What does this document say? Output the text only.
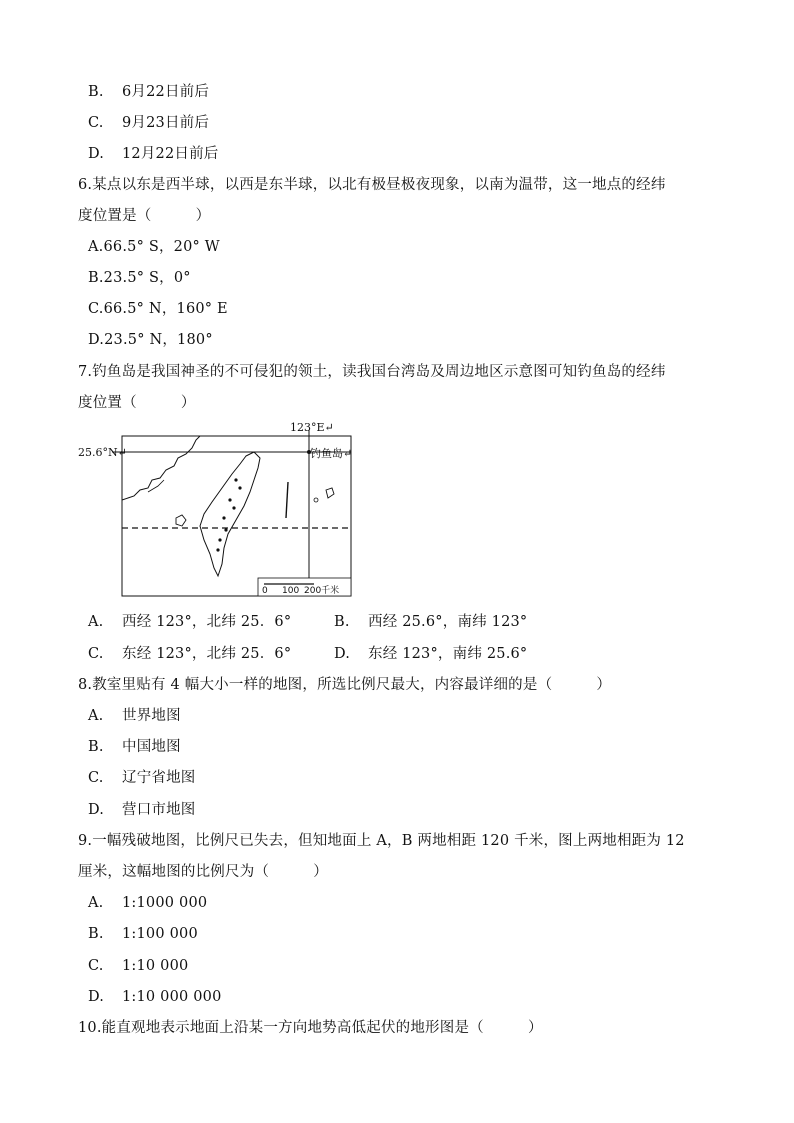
B. 6月22日前后
C. 9月23日前后
D. 12月22日前后
6.某点以东是西半球，以西是东半球，以北有极昼极夜现象，以南为温带，这一地点的经纬
度位置是（　　　）
A.66.5° S，20° W
B.23.5° S，0°
C.66.5° N，160° E
D.23.5° N，180°
7.钓鱼岛是我国神圣的不可侵犯的领土，读我国台湾岛及周边地区示意图可知钓鱼岛的经纬
度位置（　　　）
123°E↵
25.6°N↵	钓鱼岛↵
0 100 200千米
A. 西经 123°，北纬 25．6°	B. 西经 25.6°，南纬 123°
C. 东经 123°，北纬 25．6°	D. 东经 123°，南纬 25.6°
8.教室里贴有 4 幅大小一样的地图，所选比例尺最大，内容最详细的是（　　　）
A. 世界地图
B. 中国地图
C. 辽宁省地图
D. 营口市地图
9.一幅残破地图，比例尺已失去，但知地面上 A，B 两地相距 120 千米，图上两地相距为 12
厘米，这幅地图的比例尺为（　　　）
A. 1:1000 000
B. 1:100 000
C. 1:10 000
D. 1:10 000 000
10.能直观地表示地面上沿某一方向地势高低起伏的地形图是（　　　）
